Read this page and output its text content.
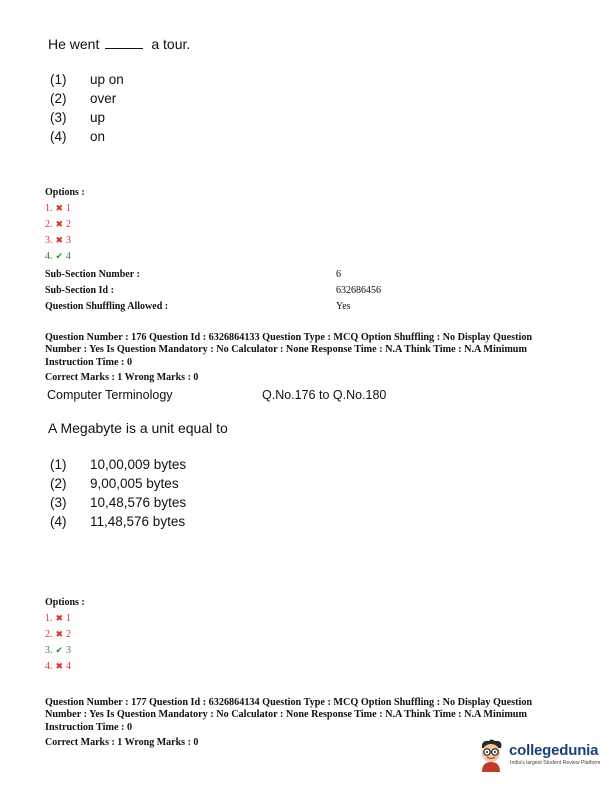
He went	a tour.
(1) up on
(2) over
(3) up
(4) on
Options :
1. ✖ 1
2. ✖ 2
3. ✖ 3
4. ✔ 4
Sub-Section Number :	6
Sub-Section Id :	632686456
Question Shuffling Allowed :	Yes
Question Number : 176 Question Id : 6326864133 Question Type : MCQ Option Shuffling : No Display Question Number : Yes Is Question Mandatory : No Calculator : None Response Time : N.A Think Time : N.A Minimum Instruction Time : 0
Correct Marks : 1 Wrong Marks : 0
Computer Terminology	Q.No.176 to Q.No.180
A Megabyte is a unit equal to
(1) 10,00,009 bytes
(2) 9,00,005 bytes
(3) 10,48,576 bytes
(4) 11,48,576 bytes
Options :
1. ✖ 1
2. ✖ 2
3. ✔ 3
4. ✖ 4
Question Number : 177 Question Id : 6326864134 Question Type : MCQ Option Shuffling : No Display Question Number : Yes Is Question Mandatory : No Calculator : None Response Time : N.A Think Time : N.A Minimum Instruction Time : 0
Correct Marks : 1 Wrong Marks : 0	collegedunia
India's largest Student Review Platform
